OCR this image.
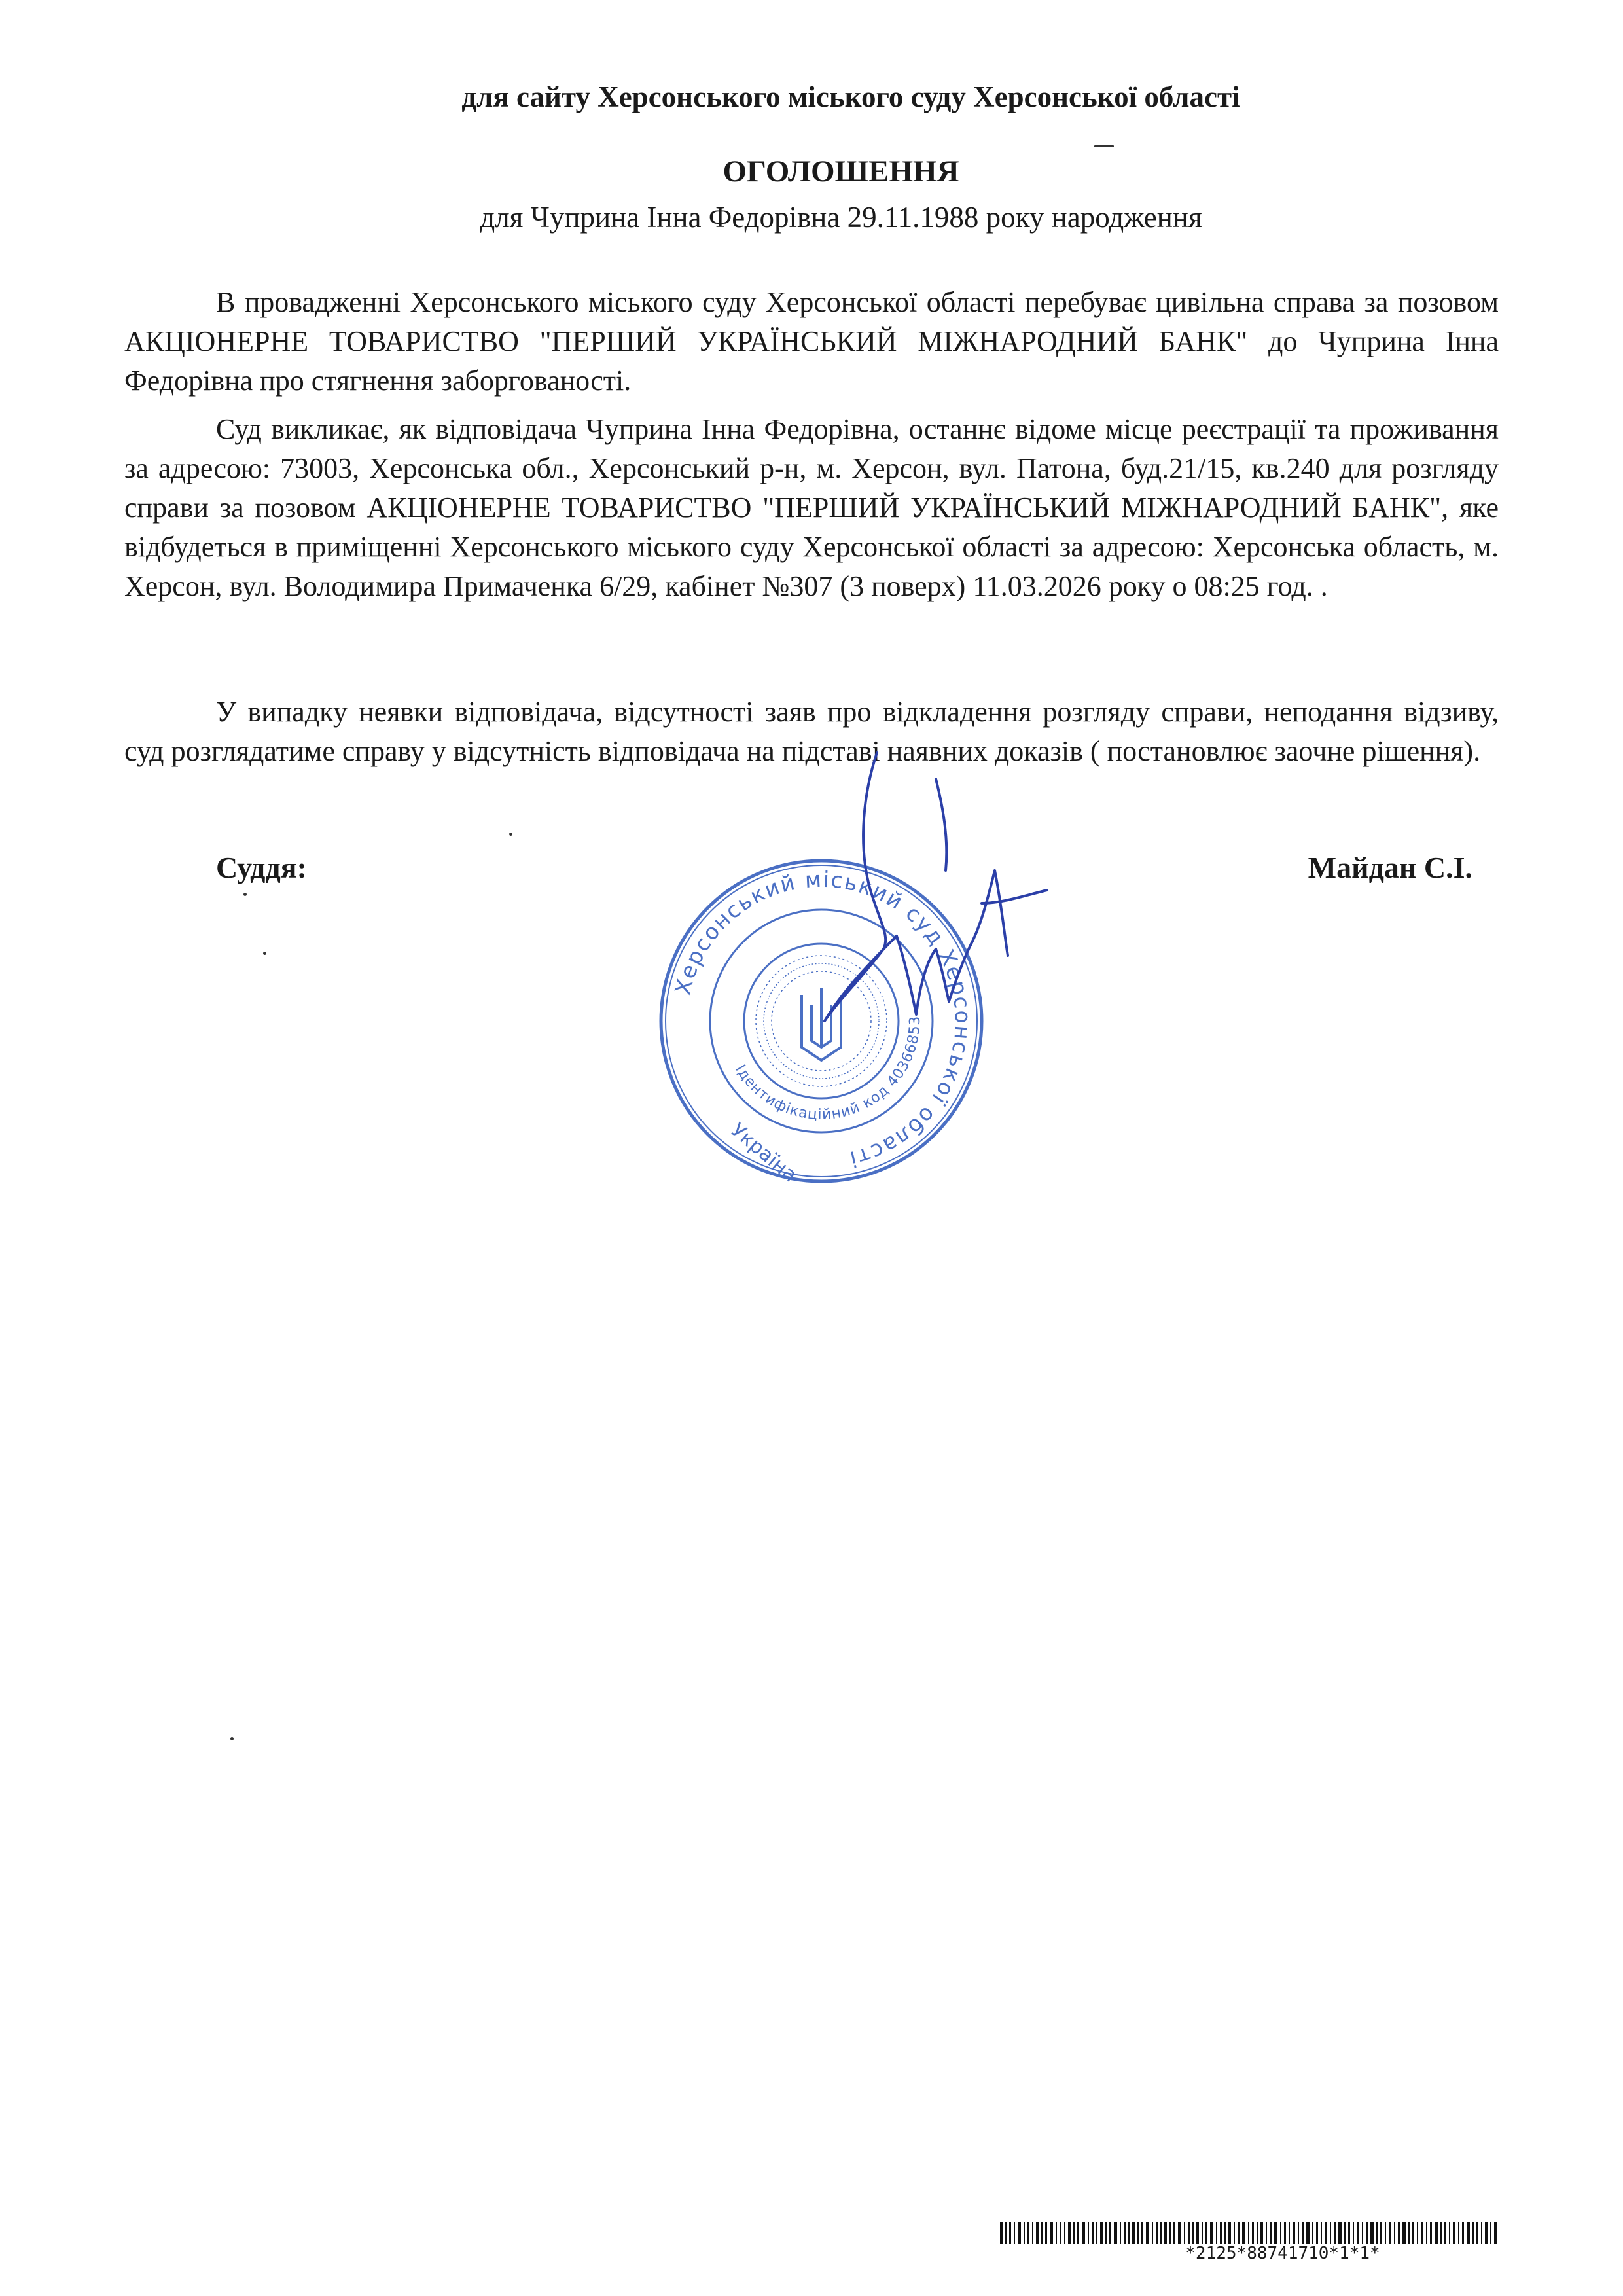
для сайту Херсонського міського суду Херсонської області
ОГОЛОШЕННЯ
для Чуприна Інна Федорівна 29.11.1988 року народження
В провадженні Херсонського міського суду Херсонської області перебуває цивільна справа за позовом АКЦІОНЕРНЕ ТОВАРИСТВО "ПЕРШИЙ УКРАЇНСЬКИЙ МІЖНАРОДНИЙ БАНК" до Чуприна Інна Федорівна про стягнення заборгованості.
Суд викликає, як відповідача Чуприна Інна Федорівна, останнє відоме місце реєстрації та проживання за адресою: 73003, Херсонська обл., Херсонський р-н, м. Херсон, вул. Патона, буд.21/15, кв.240 для розгляду справи за позовом АКЦІОНЕРНЕ ТОВАРИСТВО "ПЕРШИЙ УКРАЇНСЬКИЙ МІЖНАРОДНИЙ БАНК", яке відбудеться в приміщенні Херсонського міського суду Херсонської області за адресою: Херсонська область, м. Херсон, вул. Володимира Примаченка 6/29, кабінет №307 (3 поверх) 11.03.2026 року о 08:25 год. .
У випадку неявки відповідача, відсутності заяв про відкладення розгляду справи, неподання відзиву, суд розглядатиме справу у відсутність відповідача на підставі наявних доказів ( постановлює заочне рішення).
Суддя:	Майдан С.І.
Херсонський міський суд Херсонської області
Ідентифікаційний код 40366853
Україна
*2125*88741710*1*1*
